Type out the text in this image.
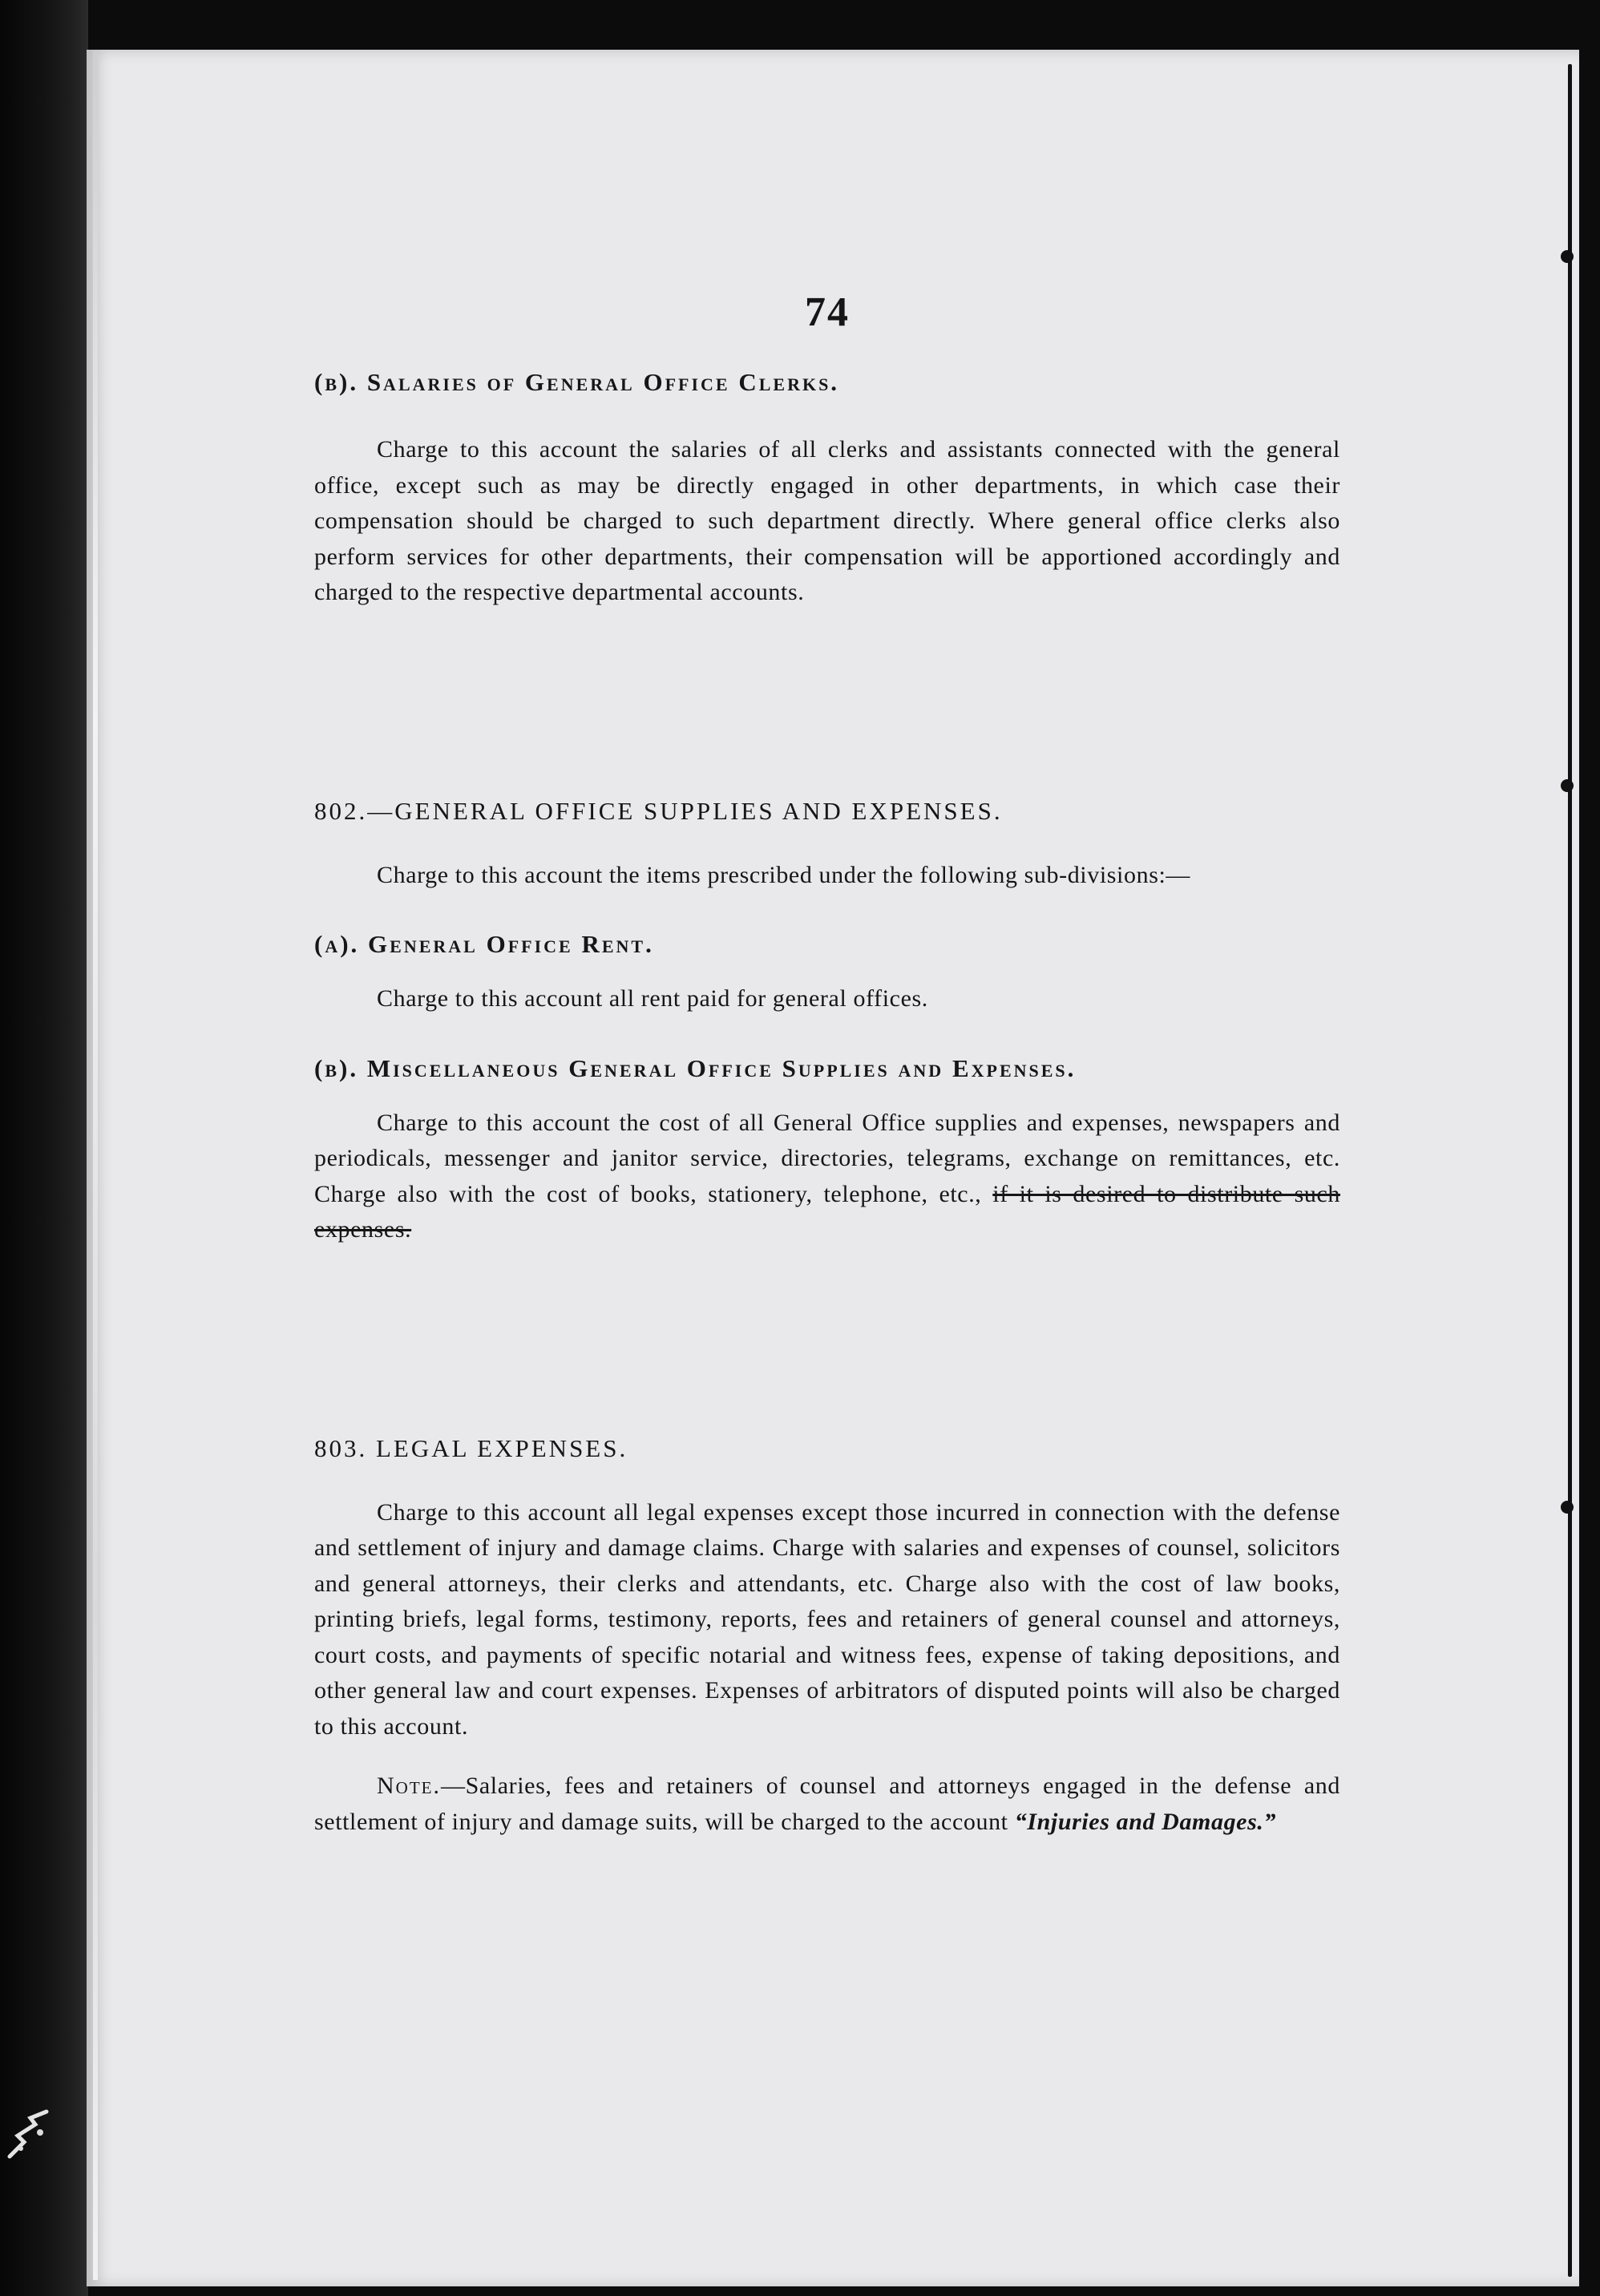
74
(b). Salaries of General Office Clerks.

Charge to this account the salaries of all clerks and assistants connected with the general office, except such as may be directly engaged in other departments, in which case their compensation should be charged to such department directly. Where general office clerks also perform services for other departments, their compensation will be apportioned accordingly and charged to the respective departmental accounts.

802.—GENERAL OFFICE SUPPLIES AND EXPENSES.

Charge to this account the items prescribed under the following sub-divisions:—

(a). General Office Rent.

Charge to this account all rent paid for general offices.

(b). Miscellaneous General Office Supplies and Expenses.

Charge to this account the cost of all General Office supplies and expenses, newspapers and periodicals, messenger and janitor service, directories, telegrams, exchange on remittances, etc. Charge also with the cost of books, stationery, telephone, etc., if it is desired to distribute such expenses.

803. LEGAL EXPENSES.

Charge to this account all legal expenses except those incurred in connection with the defense and settlement of injury and damage claims. Charge with salaries and expenses of counsel, solicitors and general attorneys, their clerks and attendants, etc. Charge also with the cost of law books, printing briefs, legal forms, testimony, reports, fees and retainers of general counsel and attorneys, court costs, and payments of specific notarial and witness fees, expense of taking depositions, and other general law and court expenses. Expenses of arbitrators of disputed points will also be charged to this account.

Note.—Salaries, fees and retainers of counsel and attorneys engaged in the defense and settlement of injury and damage suits, will be charged to the account “Injuries and Damages.”
